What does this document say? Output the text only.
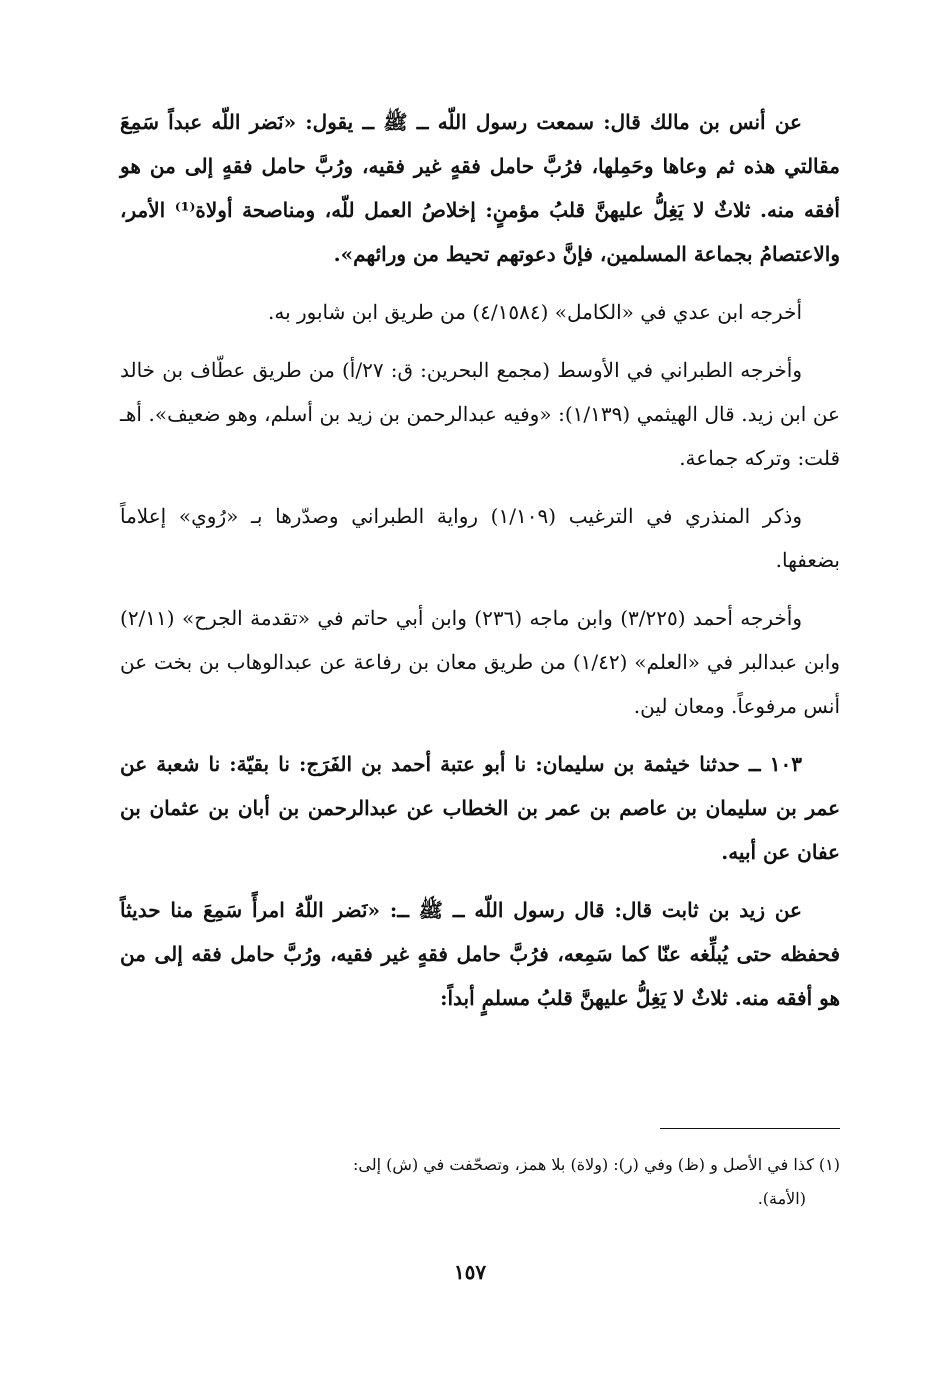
عن أنس بن مالك قال: سمعت رسول اللّه ــ ﷺ ــ يقول: «نَضر اللّه عبداً سَمِعَ مقالتي هذه ثم وعاها وحَمِلها، فرُبَّ حامل فقهٍ غير فقيه، ورُبَّ حامل فقهٍ إلى من هو أفقه منه. ثلاثٌ لا يَغِلُّ عليهنَّ قلبُ مؤمنٍ: إخلاصُ العمل للّه، ومناصحة أولاة⁽¹⁾ الأمر، والاعتصامُ بجماعة المسلمين، فإنَّ دعوتهم تحيط من ورائهم».

أخرجه ابن عدي في «الكامل» (٤/١٥٨٤) من طريق ابن شابور به.

وأخرجه الطبراني في الأوسط (مجمع البحرين: ق: ٢٧/أ) من طريق عطّاف بن خالد عن ابن زيد. قال الهيثمي (١/١٣٩): «وفيه عبدالرحمن بن زيد بن أسلم، وهو ضعيف». أهـ قلت: وتركه جماعة.

وذكر المنذري في الترغيب (١/١٠٩) رواية الطبراني وصدّرها بـ «رُوي» إعلاماً بضعفها.

وأخرجه أحمد (٣/٢٢٥) وابن ماجه (٢٣٦) وابن أبي حاتم في «تقدمة الجرح» (٢/١١) وابن عبدالبر في «العلم» (١/٤٢) من طريق معان بن رفاعة عن عبدالوهاب بن بخت عن أنس مرفوعاً. ومعان لين.

١٠٣ ــ حدثنا خيثمة بن سليمان: نا أبو عتبة أحمد بن الفَرَج: نا بقيّة: نا شعبة عن عمر بن سليمان بن عاصم بن عمر بن الخطاب عن عبدالرحمن بن أبان بن عثمان بن عفان عن أبيه.

عن زيد بن ثابت قال: قال رسول اللّه ــ ﷺ ــ: «نَضر اللّهُ امرأً سَمِعَ منا حديثاً فحفظه حتى يُبلِّغه عنّا كما سَمِعه، فرُبَّ حامل فقهٍ غير فقيه، ورُبَّ حامل فقه إلى من هو أفقه منه. ثلاثٌ لا يَغِلُّ عليهنَّ قلبُ مسلمٍ أبداً:

(١) كذا في الأصل و (ظ) وفي (ر): (ولاة) بلا همز، وتصحّفت في (ش) إلى:

(الأمة).

١٥٧
